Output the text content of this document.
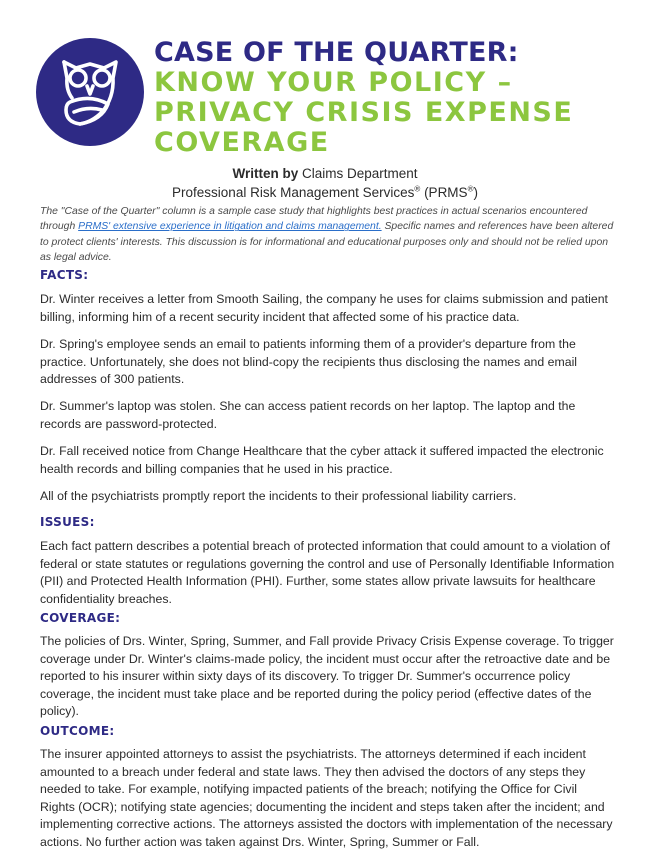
CASE OF THE QUARTER:
KNOW YOUR POLICY –
PRIVACY CRISIS EXPENSE
COVERAGE
Written by Claims Department
Professional Risk Management Services® (PRMS®)
The "Case of the Quarter" column is a sample case study that highlights best practices in actual scenarios encountered through PRMS' extensive experience in litigation and claims management. Specific names and references have been altered to protect clients' interests. This discussion is for informational and educational purposes only and should not be relied upon as legal advice.
FACTS:
Dr. Winter receives a letter from Smooth Sailing, the company he uses for claims submission and patient billing, informing him of a recent security incident that affected some of his practice data.
Dr. Spring's employee sends an email to patients informing them of a provider's departure from the practice. Unfortunately, she does not blind-copy the recipients thus disclosing the names and email addresses of 300 patients.
Dr. Summer's laptop was stolen. She can access patient records on her laptop. The laptop and the records are password-protected.
Dr. Fall received notice from Change Healthcare that the cyber attack it suffered impacted the electronic health records and billing companies that he used in his practice.
All of the psychiatrists promptly report the incidents to their professional liability carriers.
ISSUES:
Each fact pattern describes a potential breach of protected information that could amount to a violation of federal or state statutes or regulations governing the control and use of Personally Identifiable Information (PII) and Protected Health Information (PHI). Further, some states allow private lawsuits for healthcare confidentiality breaches.
COVERAGE:
The policies of Drs. Winter, Spring, Summer, and Fall provide Privacy Crisis Expense coverage. To trigger coverage under Dr. Winter's claims-made policy, the incident must occur after the retroactive date and be reported to his insurer within sixty days of its discovery. To trigger Dr. Summer's occurrence policy coverage, the incident must take place and be reported during the policy period (effective dates of the policy).
OUTCOME:
The insurer appointed attorneys to assist the psychiatrists. The attorneys determined if each incident amounted to a breach under federal and state laws. They then advised the doctors of any steps they needed to take. For example, notifying impacted patients of the breach; notifying the Office for Civil Rights (OCR); notifying state agencies; documenting the incident and steps taken after the incident; and implementing corrective actions. The attorneys assisted the doctors with implementation of the necessary actions. No further action was taken against Drs. Winter, Spring, Summer or Fall.
